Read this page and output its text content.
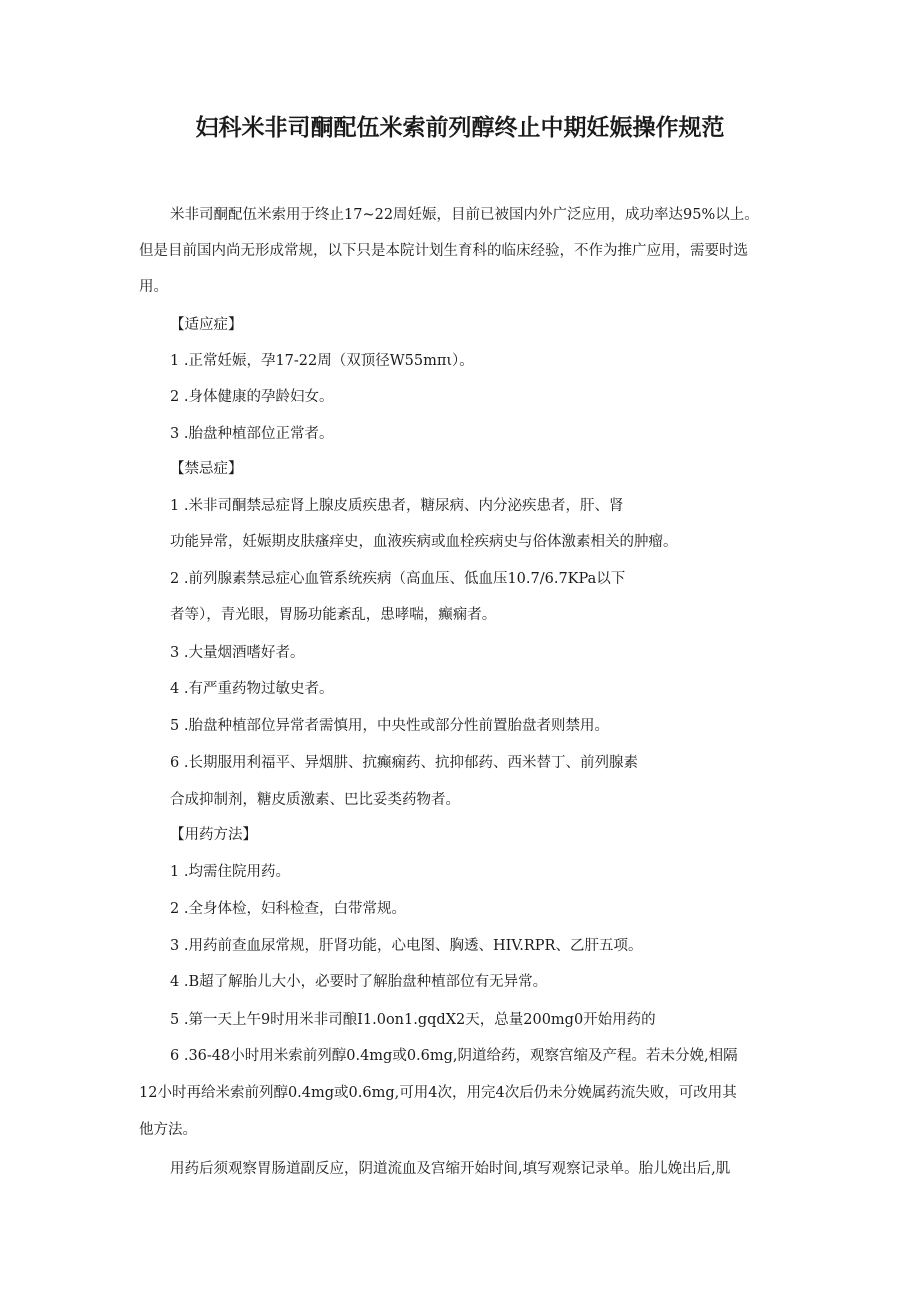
妇科米非司酮配伍米索前列醇终止中期妊娠操作规范
米非司酮配伍米索用于终止17~22周妊娠，目前已被国内外广泛应用，成功率达95%以上。
但是目前国内尚无形成常规，以下只是本院计划生育科的临床经验，不作为推广应用，需要时选
用。
【适应症】
1 .正常妊娠，孕17-22周（双顶径W55mπι）。
2 .身体健康的孕龄妇女。
3 .胎盘种植部位正常者。
【禁忌症】
1 .米非司酮禁忌症肾上腺皮质疾患者，糖尿病、内分泌疾患者，肝、肾
功能异常，妊娠期皮肤瘙痒史，血液疾病或血栓疾病史与俗体激素相关的肿瘤。
2 .前列腺素禁忌症心血管系统疾病（高血压、低血压10.7/6.7KPa以下
者等），青光眼，胃肠功能紊乱，患哮喘，癫痫者。
3 .大量烟酒嗜好者。
4 .有严重药物过敏史者。
5 .胎盘种植部位异常者需慎用，中央性或部分性前置胎盘者则禁用。
6 .长期服用利福平、异烟肼、抗癫痫药、抗抑郁药、西米替丁、前列腺素
合成抑制剂，糖皮质激素、巴比妥类药物者。
【用药方法】
1 .均需住院用药。
2 .全身体检，妇科检查，白带常规。
3 .用药前查血尿常规，肝肾功能，心电图、胸透、HIV.RPR、乙肝五项。
4 .B超了解胎儿大小，必要时了解胎盘种植部位有无异常。
5 .第一天上午9时用米非司酿I1.0on1.gqdX2天，总量200mg0开始用药的
6 .36-48小时用米索前列醇0.4mg或0.6mg,阴道给药，观察宫缩及产程。若未分娩,相隔
12小时再给米索前列醇0.4mg或0.6mg,可用4次，用完4次后仍未分娩属药流失败，可改用其
他方法。
用药后须观察胃肠道副反应，阴道流血及宫缩开始时间,填写观察记录单。胎儿娩出后,肌
